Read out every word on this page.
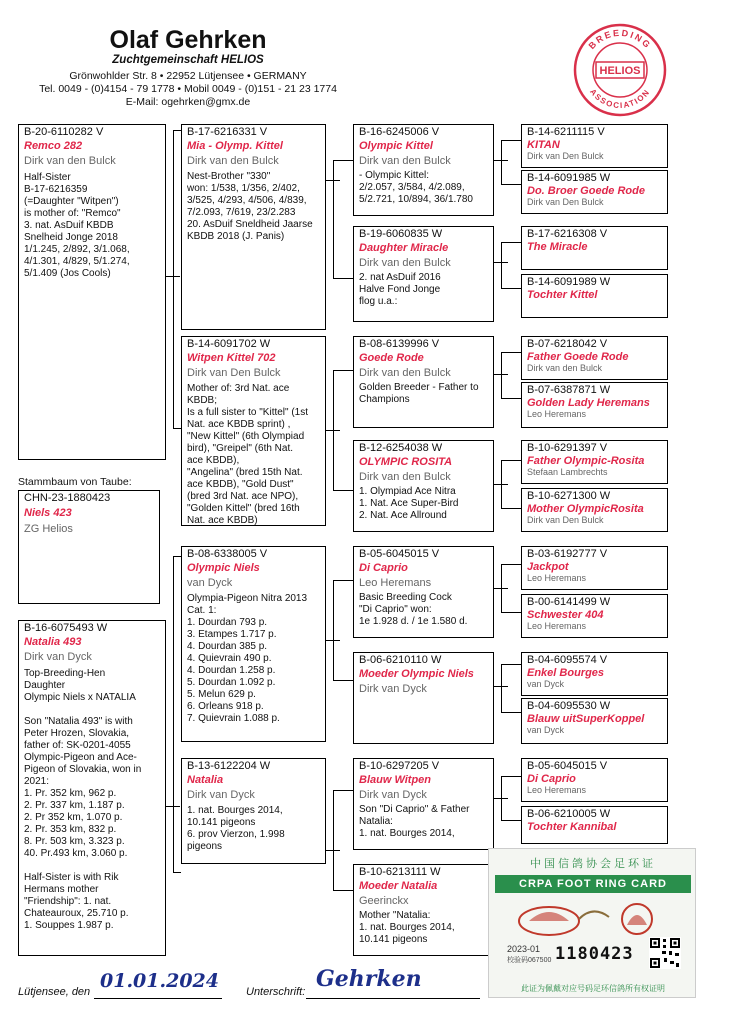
Olaf Gehrken
Zuchtgemeinschaft HELIOS
Grönwohlder Str. 8 • 22952 Lütjensee • GERMANY
Tel. 0049 - (0)4154 - 79 1778 • Mobil 0049 - (0)151 - 21 23 1774
E-Mail: ogehrken@gmx.de
BREEDING
ASSOCIATION
HELIOS
B-20-6110282 V
Remco 282
Dirk van den Bulck
Half-Sister
B-17-6216359
(=Daughter "Witpen")
is mother of: "Remco"
3. nat. AsDuif KBDB
Snelheid Jonge 2018
1/1.245, 2/892, 3/1.068,
4/1.301, 4/829, 5/1.274,
5/1.409 (Jos Cools)
Stammbaum von Taube:
CHN-23-1880423
Niels 423
ZG Helios
B-16-6075493 W
Natalia 493
Dirk van Dyck
Top-Breeding-Hen
Daughter
Olympic Niels x NATALIA

Son "Natalia 493" is with
Peter Hrozen, Slovakia,
father of: SK-0201-4055
Olympic-Pigeon and Ace-
Pigeon of Slovakia, won in
2021:
1. Pr. 352 km, 962 p.
2. Pr. 337 km, 1.187 p.
2. Pr 352 km, 1.070 p.
2. Pr. 353 km, 832 p.
8. Pr. 503 km, 3.323 p.
40. Pr.493 km, 3.060 p.

Half-Sister is with Rik
Hermans mother
"Friendship": 1. nat.
Chateauroux, 25.710 p.
1. Souppes 1.987 p.
B-17-6216331 V
Mia - Olymp. Kittel
Dirk van den Bulck
Nest-Brother "330"
won: 1/538, 1/356, 2/402,
3/525, 4/293, 4/506, 4/839,
7/2.093, 7/619, 23/2.283
20. AsDuif Sneldheid Jaarse
KBDB 2018 (J. Panis)
B-14-6091702 W
Witpen Kittel 702
Dirk van Den Bulck
Mother of: 3rd Nat. ace
KBDB;
Is a full sister to "Kittel" (1st
Nat. ace KBDB sprint) ,
"New Kittel" (6th Olympiad
bird), "Greipel" (6th Nat.
ace KBDB),
"Angelina" (bred 15th Nat.
ace KBDB), "Gold Dust"
(bred 3rd Nat. ace NPO),
"Golden Kittel" (bred 16th
Nat. ace KBDB)
B-08-6338005 V
Olympic Niels
van Dyck
Olympia-Pigeon Nitra 2013
Cat. 1:
1. Dourdan 793 p.
3. Etampes 1.717 p.
4. Dourdan 385 p.
4. Quievrain 490 p.
4. Dourdan 1.258 p.
5. Dourdan 1.092 p.
5. Melun 629 p.
6. Orleans 918 p.
7. Quievrain 1.088 p.
B-13-6122204 W
Natalia
Dirk van Dyck
1. nat. Bourges 2014,
10.141 pigeons
6. prov Vierzon, 1.998
pigeons
B-16-6245006 V
Olympic Kittel
Dirk van den Bulck
- Olympic Kittel:
2/2.057, 3/584, 4/2.089,
5/2.721, 10/894, 36/1.780
B-19-6060835 W
Daughter Miracle
Dirk van den Bulck
2. nat AsDuif 2016
Halve Fond Jonge
flog u.a.:
B-08-6139996 V
Goede Rode
Dirk van den Bulck
Golden Breeder - Father to
Champions
B-12-6254038 W
OLYMPIC ROSITA
Dirk van den Bulck
1. Olympiad Ace Nitra
1. Nat. Ace Super-Bird
2. Nat. Ace Allround
B-05-6045015 V
Di Caprio
Leo Heremans
Basic Breeding Cock
"Di Caprio" won:
1e 1.928 d. / 1e 1.580 d.
B-06-6210110 W
Moeder Olympic Niels
Dirk van Dyck
B-10-6297205 V
Blauw Witpen
Dirk van Dyck
Son "Di Caprio" & Father
Natalia:
1. nat. Bourges 2014,
B-10-6213111 W
Moeder Natalia
Geerinckx
Mother "Natalia:
1. nat. Bourges 2014,
10.141 pigeons
B-14-6211115 V
KITAN
Dirk van Den Bulck
B-14-6091985 W
Do. Broer Goede Rode
Dirk van Den Bulck
B-17-6216308 V
The Miracle
B-14-6091989 W
Tochter Kittel
B-07-6218042 V
Father Goede Rode
Dirk van den Bulck
B-07-6387871 W
Golden Lady Heremans
Leo Heremans
B-10-6291397 V
Father Olympic-Rosita
Stefaan Lambrechts
B-10-6271300 W
Mother OlympicRosita
Dirk van Den Bulck
B-03-6192777 V
Jackpot
Leo Heremans
B-00-6141499 W
Schwester 404
Leo Heremans
B-04-6095574 V
Enkel Bourges
van Dyck
B-04-6095530 W
Blauw uitSuperKoppel
van Dyck
B-05-6045015 V
Di Caprio
Leo Heremans
B-06-6210005 W
Tochter Kannibal
中国信鸽协会足环证
CRPA FOOT RING CARD
2023-01
校验码067500 1180423
此证为佩戴对应号码足环信鸽所有权证明
Lütjensee, den 01.01.2024 Unterschrift: Gehrken
